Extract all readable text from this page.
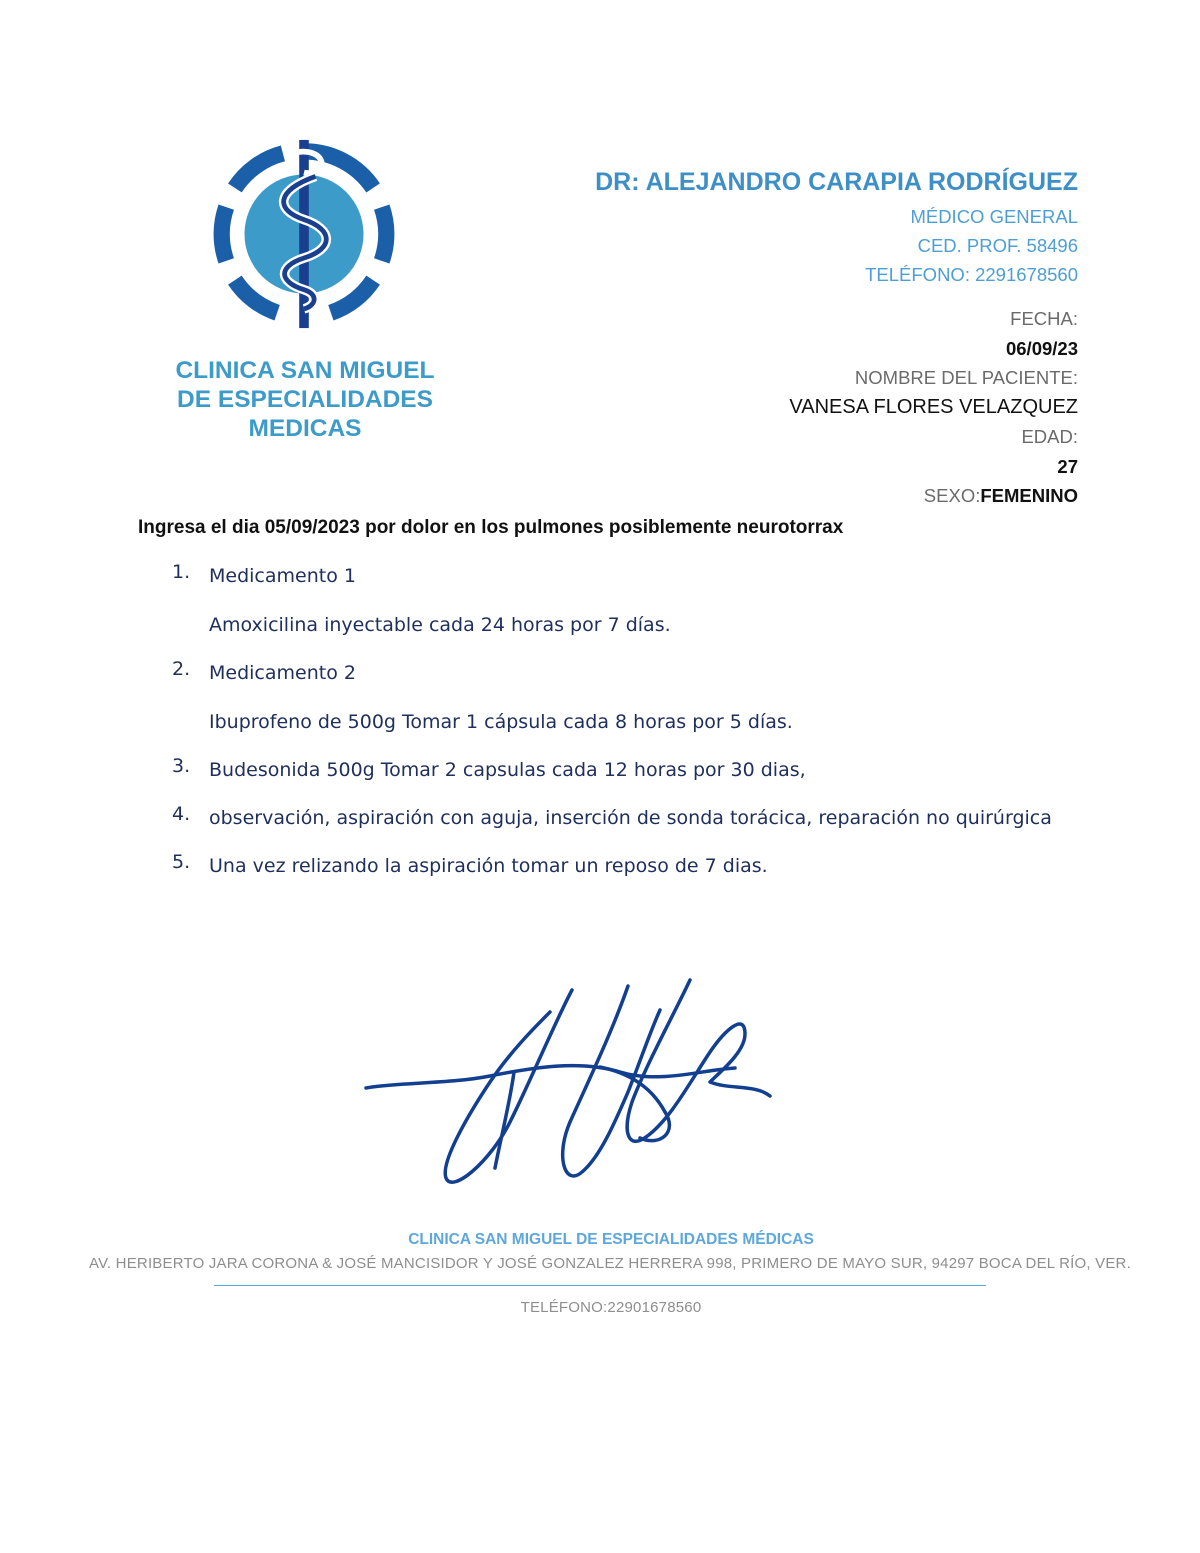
CLINICA SAN MIGUEL
DE ESPECIALIDADES
MEDICAS
DR: ALEJANDRO CARAPIA RODRÍGUEZ
MÉDICO GENERAL
CED. PROF. 58496
TELÉFONO: 2291678560
FECHA:
06/09/23
NOMBRE DEL PACIENTE:
VANESA FLORES VELAZQUEZ
EDAD:
27
SEXO:FEMENINO
Ingresa el dia 05/09/2023 por dolor en los pulmones posiblemente neurotorrax
1. Medicamento 1
Amoxicilina inyectable cada 24 horas por 7 días.
2. Medicamento 2
Ibuprofeno de 500g Tomar 1 cápsula cada 8 horas por 5 días.
3. Budesonida 500g Tomar 2 capsulas cada 12 horas por 30 dias,
4. observación, aspiración con aguja, inserción de sonda torácica, reparación no quirúrgica
5. Una vez relizando la aspiración tomar un reposo de 7 dias.
CLINICA SAN MIGUEL DE ESPECIALIDADES MÉDICAS
AV. HERIBERTO JARA CORONA & JOSÉ MANCISIDOR Y JOSÉ GONZALEZ HERRERA 998, PRIMERO DE MAYO SUR, 94297 BOCA DEL RÍO, VER.
TELÉFONO:22901678560
